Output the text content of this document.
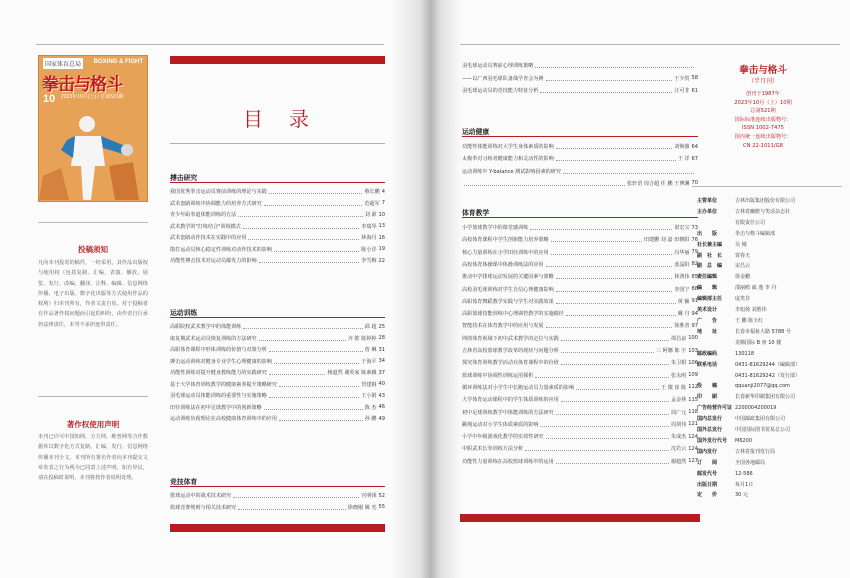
国家体育总局	BOXING & FIGHT
拳击与格斗
10 2023年10月(上) / 总第521期
投稿须知
凡向本刊投寄的稿件，一经采用，其作品出版权与使用权（包括复制、汇编、表演、播放、展览、发行、改编、翻译、注释、编辑、信息网络传播、电子出版、数字化出版等方式使用作品的权利）归本刊所有，作者文责自负。对于投稿者有作品著作权问题而引起的纠纷，由作者自行承担法律责任，本刊不承担连带责任。
著作权使用声明
本刊已许可中国知网、万方网、维普网等合作数据库以数字化方式复制、汇编、发行、信息网络传播本刊全文。本刊所有署名作者向本刊提交文章发表之行为视为已同意上述声明。如有异议，请在投稿时说明，本刊将按作者说明处理。
目录
搏击研究
我国优秀拳击运动员赛前训练的理论与实践	蔡长鹏 4
武术套路训练中协调能力的培养方式研究	范超军 7
青少年跆拳道体能训练的方法	刘 源 10
武术教学的"打练结合"训练模式	李瑞琴 13
武术套路动作技术在实践中的应用	林海丹 16
散打运动员核心稳定性训练对动作技术的影响	陈小洋 19
功能性搏击技术对运动员爆发力的影响	李雪梅 22
运动训练
高职院校武术教学中的体能训练	邱 超 25
康复期武术运动员恢复训练的方法研究	齐 皓 陈婷婷 28
高职体育课程中形体训练的价值与对策分析	詹 琳 31
搏击运动训练对健身专业学生心理健康的影响	于海平 34
功能性训练对提升健身教练能力的实践研究	杨道然 谢英家 陈素娥 37
基于大学体育训练教学的健康素养提升策略研究	管建钢 40
羽毛球运动员体能训练的重要性与实施策略	王小娟 43
田径训练法在初中足球教学中的创新策略	陈 杰 46
运动训练负荷理论在高校健康体育训练中的应用	孙 鹏 49
竞技体育
排球运动中的战术技术研究	宫明钱 52
篮球竞赛规则与相关技术研究	徐晓刚 姚 光 55
羽毛球运动员赛前心理训练策略
——以广西羽毛球队备战学青会为例	于少贺 58
羽毛球运动员的竞技能力特征分析	汪可非 61
运动健康
功能性体能训练对大学生身体素质的影响	刘焕薇 64
太极拳对习练者健康能力和灵活性的影响	于 洋 67
运动训练中 Y-balance 测试影响因素的研究
张轩语 周合超 任 鹏 王博渊 70
体育教学
小学篮球教学中的课堂感训练	谌宏宝 73
高校体育课程中学生创新能力培养策略	田建鹏 刘 嘉 田朝阳 76
核心力量训练在小学田径训练中的应用	冯华丽 79
高校体育体操课中体操训练法的应用	姜晶阳 82
推动中学排球运动发展的关键因素与策略	林鸿伟 85
高校羽毛球训练对学生自信心理健康影响	李国宁 88
高职体育舞蹈教学实践与学生对实践效果	黄 颖 91
高职篮球技能训练中心理调控教学的实施路径	戴 丹 94
智能技术在体育教学中的应用与发展	徐胜者 97
网络体育视域下初中武术教学的定位与实践	谭昌奋 100
吉林省高校篮球教学改革的现状与问题分析	三 阿娜 陈 宇 103
探究体育训练教学活动在体育课程中的价值	朱卫娟 106
篮球训练中协调性训练运用探析	张永明 109
循环训练法对小学生中长跑运动员力量素质的影响	王 微 崔 陈 112
大学体育运动课程中的学生体质训练的应用	孟金林 115
初中足球训练教学中体能训练的方法研究	周广元 118
跳绳运动对小学生体质素质的影响	周剑伟 121
小学中年级游戏化教学的实效性研究	朱成杰 124
中职武术长拳训练方法分析	沈若云 124
功能性力量训练在高校篮球训练中的运用	谢超然 127
拳击与格斗
（半月刊）
创刊于1987年
2023年10月（上）10期
总第521期
国际标准连续出版物号：
ISSN 1002-7475
国内统一连续出版物号：
CN 22-1011/G8
主管单位	吉林出版集团股份有限公司
主办单位	吉林省幽默与笑话杂志社
有限责任公司
出　　版	拳击与格斗编辑部
社长兼主编	吴 刚
副　社　长	贾春天
副　总　编	宋昌云
责任编辑	徐金鹏
编　　辑	邵丽鸥 戚 逸 李 丹
编辑部主任	庞笑非
美术设计	李旭扬 刘胜伟
广　　告	王 鹏 陈玉红
地　　址	长春市福祉大路 5788 号
龙腾国际 B 座 10 楼
邮政编码	130118
联系电话	0431-81629244（编辑部）
0431-81629242（发行部）
投　　稿	qquanji2077@qq.com
印　　刷	长春新华印刷集团有限公司
广告经营许可证 2200004200019
国内总发行	中国邮政集团有限公司
国外总发行	中国国际图书贸易总公司
国外发行代号	M6200
国内发行	吉林省报刊发行局
订　　阅	全国各地邮局
邮发代号	12-586
出版日期	每月1日
定　　价	30 元
